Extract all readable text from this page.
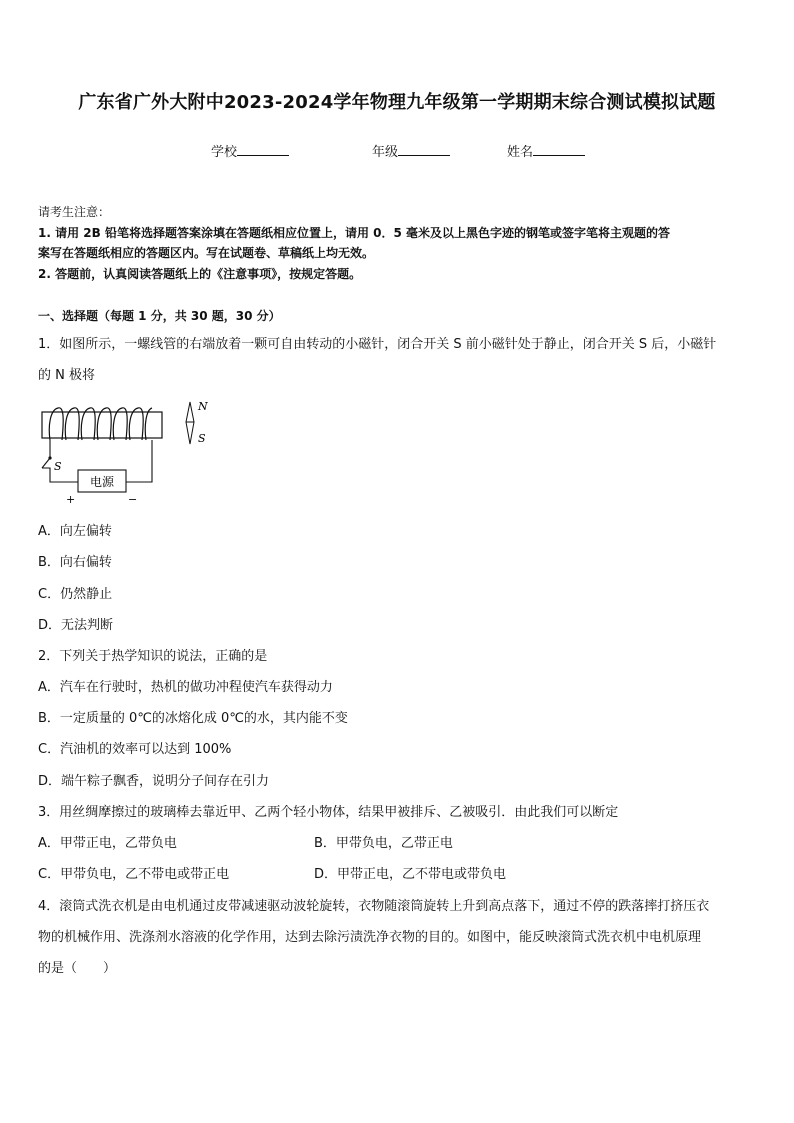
广东省广外大附中2023-2024学年物理九年级第一学期期末综合测试模拟试题
学校	年级	姓名
请考生注意：
1. 请用 2B 铅笔将选择题答案涂填在答题纸相应位置上，请用 0．5 毫米及以上黑色字迹的钢笔或签字笔将主观题的答
案写在答题纸相应的答题区内。写在试题卷、草稿纸上均无效。
2. 答题前，认真阅读答题纸上的《注意事项》，按规定答题。
一、选择题（每题 1 分，共 30 题，30 分）
1．如图所示，一螺线管的右端放着一颗可自由转动的小磁针，闭合开关 S 前小磁针处于静止，闭合开关 S 后，小磁针
的 N 极将
电源
S
+	−
N
S
A．向左偏转
B．向右偏转
C．仍然静止
D．无法判断
2．下列关于热学知识的说法，正确的是
A．汽车在行驶时，热机的做功冲程使汽车获得动力
B．一定质量的 0℃的冰熔化成 0℃的水，其内能不变
C．汽油机的效率可以达到 100%
D．端午粽子飘香，说明分子间存在引力
3．用丝绸摩擦过的玻璃棒去靠近甲、乙两个轻小物体，结果甲被排斥、乙被吸引．由此我们可以断定
A．甲带正电，乙带负电	B．甲带负电，乙带正电
C．甲带负电，乙不带电或带正电	D．甲带正电，乙不带电或带负电
4．滚筒式洗衣机是由电机通过皮带减速驱动波轮旋转，衣物随滚筒旋转上升到高点落下，通过不停的跌落摔打挤压衣
物的机械作用、洗涤剂水溶液的化学作用，达到去除污渍洗净衣物的目的。如图中，能反映滚筒式洗衣机中电机原理
的是（　　）
